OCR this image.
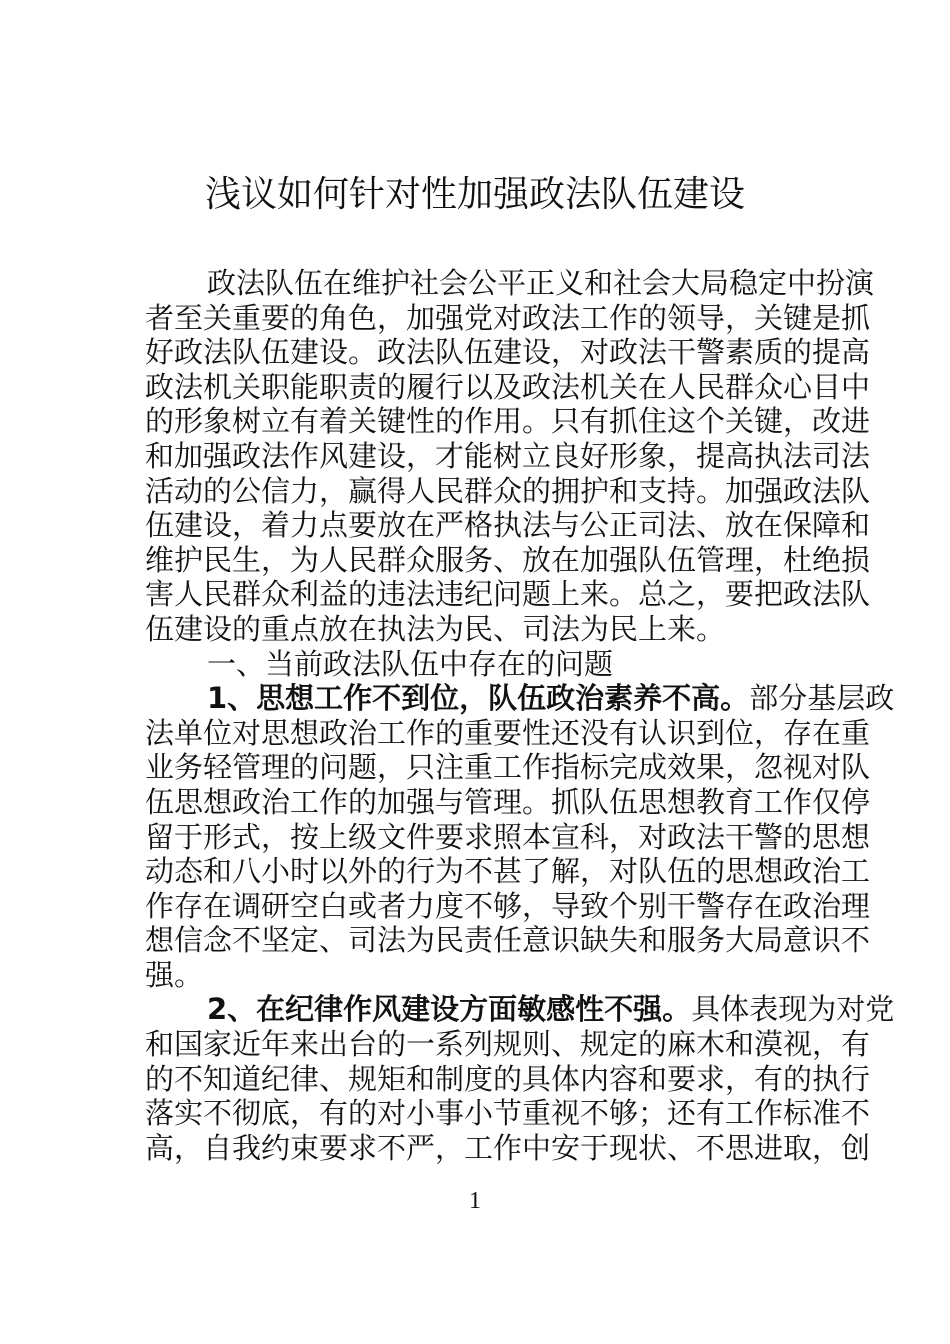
浅议如何针对性加强政法队伍建设
政法队伍在维护社会公平正义和社会大局稳定中扮演
者至关重要的角色，加强党对政法工作的领导，关键是抓
好政法队伍建设。政法队伍建设，对政法干警素质的提高
政法机关职能职责的履行以及政法机关在人民群众心目中
的形象树立有着关键性的作用。只有抓住这个关键，改进
和加强政法作风建设，才能树立良好形象，提高执法司法
活动的公信力，赢得人民群众的拥护和支持。加强政法队
伍建设，着力点要放在严格执法与公正司法、放在保障和
维护民生，为人民群众服务、放在加强队伍管理，杜绝损
害人民群众利益的违法违纪问题上来。总之，要把政法队
伍建设的重点放在执法为民、司法为民上来。
一、当前政法队伍中存在的问题
1、思想工作不到位，队伍政治素养不高。部分基层政
法单位对思想政治工作的重要性还没有认识到位，存在重
业务轻管理的问题，只注重工作指标完成效果，忽视对队
伍思想政治工作的加强与管理。抓队伍思想教育工作仅停
留于形式，按上级文件要求照本宣科，对政法干警的思想
动态和八小时以外的行为不甚了解，对队伍的思想政治工
作存在调研空白或者力度不够，导致个别干警存在政治理
想信念不坚定、司法为民责任意识缺失和服务大局意识不
强。
2、在纪律作风建设方面敏感性不强。具体表现为对党
和国家近年来出台的一系列规则、规定的麻木和漠视，有
的不知道纪律、规矩和制度的具体内容和要求，有的执行
落实不彻底，有的对小事小节重视不够；还有工作标准不
高，自我约束要求不严，工作中安于现状、不思进取，创
1
